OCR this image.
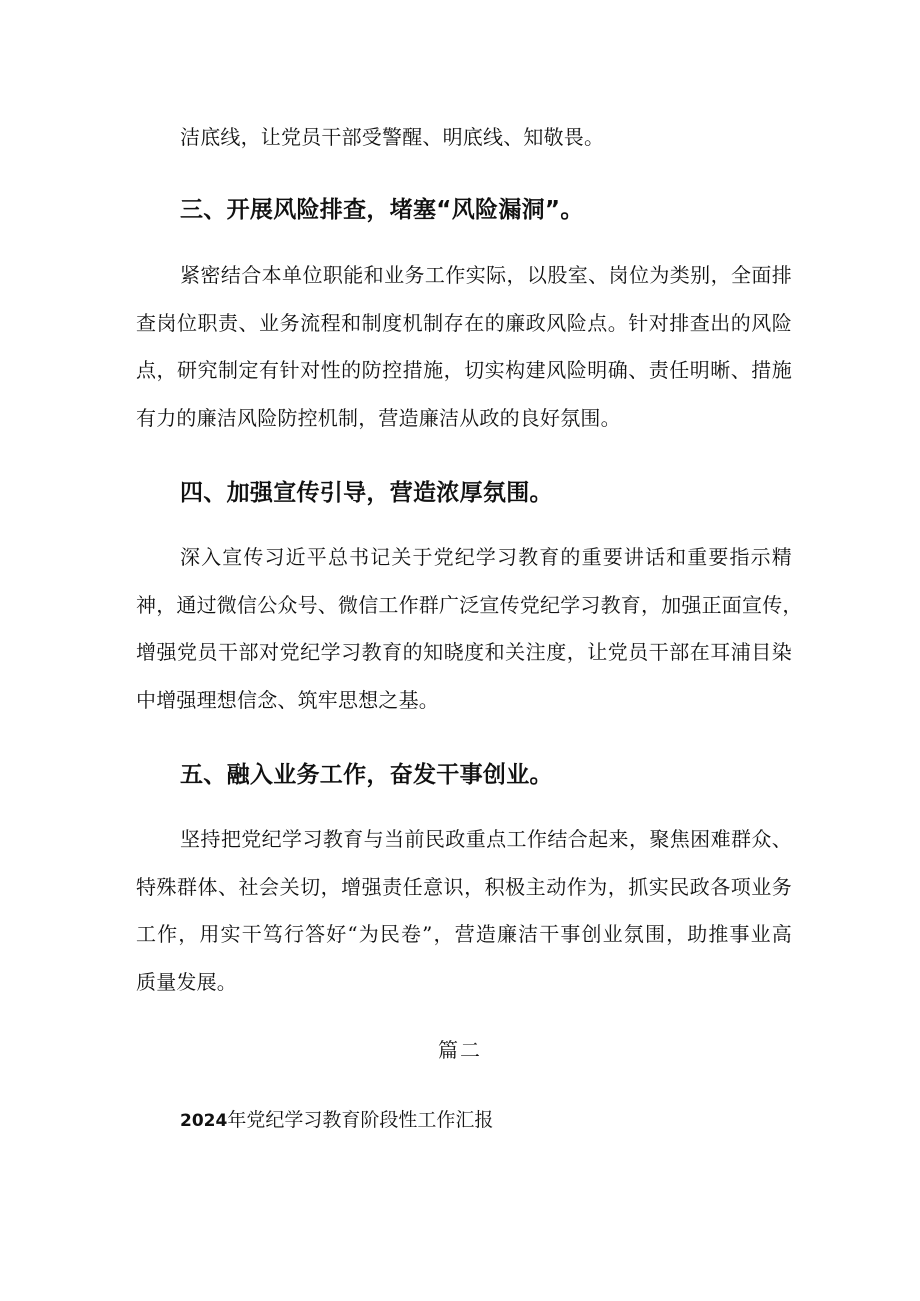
洁底线，让党员干部受警醒、明底线、知敬畏。

三、开展风险排查，堵塞“风险漏洞”。

紧密结合本单位职能和业务工作实际，以股室、岗位为类别，全面排
查岗位职责、业务流程和制度机制存在的廉政风险点。针对排查出的风险
点，研究制定有针对性的防控措施，切实构建风险明确、责任明晰、措施
有力的廉洁风险防控机制，营造廉洁从政的良好氛围。

四、加强宣传引导，营造浓厚氛围。

深入宣传习近平总书记关于党纪学习教育的重要讲话和重要指示精
神，通过微信公众号、微信工作群广泛宣传党纪学习教育，加强正面宣传，
增强党员干部对党纪学习教育的知晓度和关注度，让党员干部在耳浦目染
中增强理想信念、筑牢思想之基。

五、融入业务工作，奋发干事创业。

坚持把党纪学习教育与当前民政重点工作结合起来，聚焦困难群众、
特殊群体、社会关切，增强责任意识，积极主动作为，抓实民政各项业务
工作，用实干笃行答好“为民卷”，营造廉洁干事创业氛围，助推事业高
质量发展。

篇二
2024年党纪学习教育阶段性工作汇报
